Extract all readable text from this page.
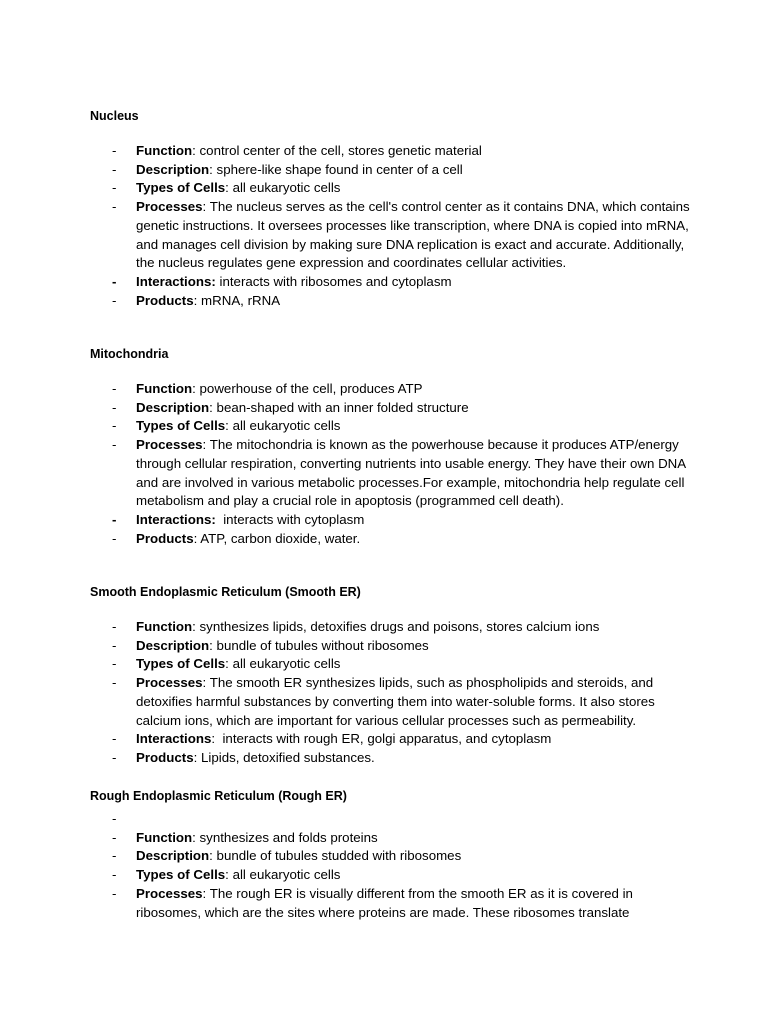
Nucleus
- Function: control center of the cell, stores genetic material
- Description: sphere-like shape found in center of a cell
- Types of Cells: all eukaryotic cells
- Processes: The nucleus serves as the cell's control center as it contains DNA, which contains genetic instructions. It oversees processes like transcription, where DNA is copied into mRNA, and manages cell division by making sure DNA replication is exact and accurate. Additionally, the nucleus regulates gene expression and coordinates cellular activities.
- Interactions: interacts with ribosomes and cytoplasm
- Products: mRNA, rRNA
Mitochondria
- Function: powerhouse of the cell, produces ATP
- Description: bean-shaped with an inner folded structure
- Types of Cells: all eukaryotic cells
- Processes: The mitochondria is known as the powerhouse because it produces ATP/energy through cellular respiration, converting nutrients into usable energy. They have their own DNA and are involved in various metabolic processes.For example, mitochondria help regulate cell metabolism and play a crucial role in apoptosis (programmed cell death).
- Interactions: interacts with cytoplasm
- Products: ATP, carbon dioxide, water.
Smooth Endoplasmic Reticulum (Smooth ER)
- Function: synthesizes lipids, detoxifies drugs and poisons, stores calcium ions
- Description: bundle of tubules without ribosomes
- Types of Cells: all eukaryotic cells
- Processes: The smooth ER synthesizes lipids, such as phospholipids and steroids, and detoxifies harmful substances by converting them into water-soluble forms. It also stores calcium ions, which are important for various cellular processes such as permeability.
- Interactions:  interacts with rough ER, golgi apparatus, and cytoplasm
- Products: Lipids, detoxified substances.
Rough Endoplasmic Reticulum (Rough ER)
-

- Function: synthesizes and folds proteins
- Description: bundle of tubules studded with ribosomes
- Types of Cells: all eukaryotic cells
- Processes: The rough ER is visually different from the smooth ER as it is covered in ribosomes, which are the sites where proteins are made. These ribosomes translate
